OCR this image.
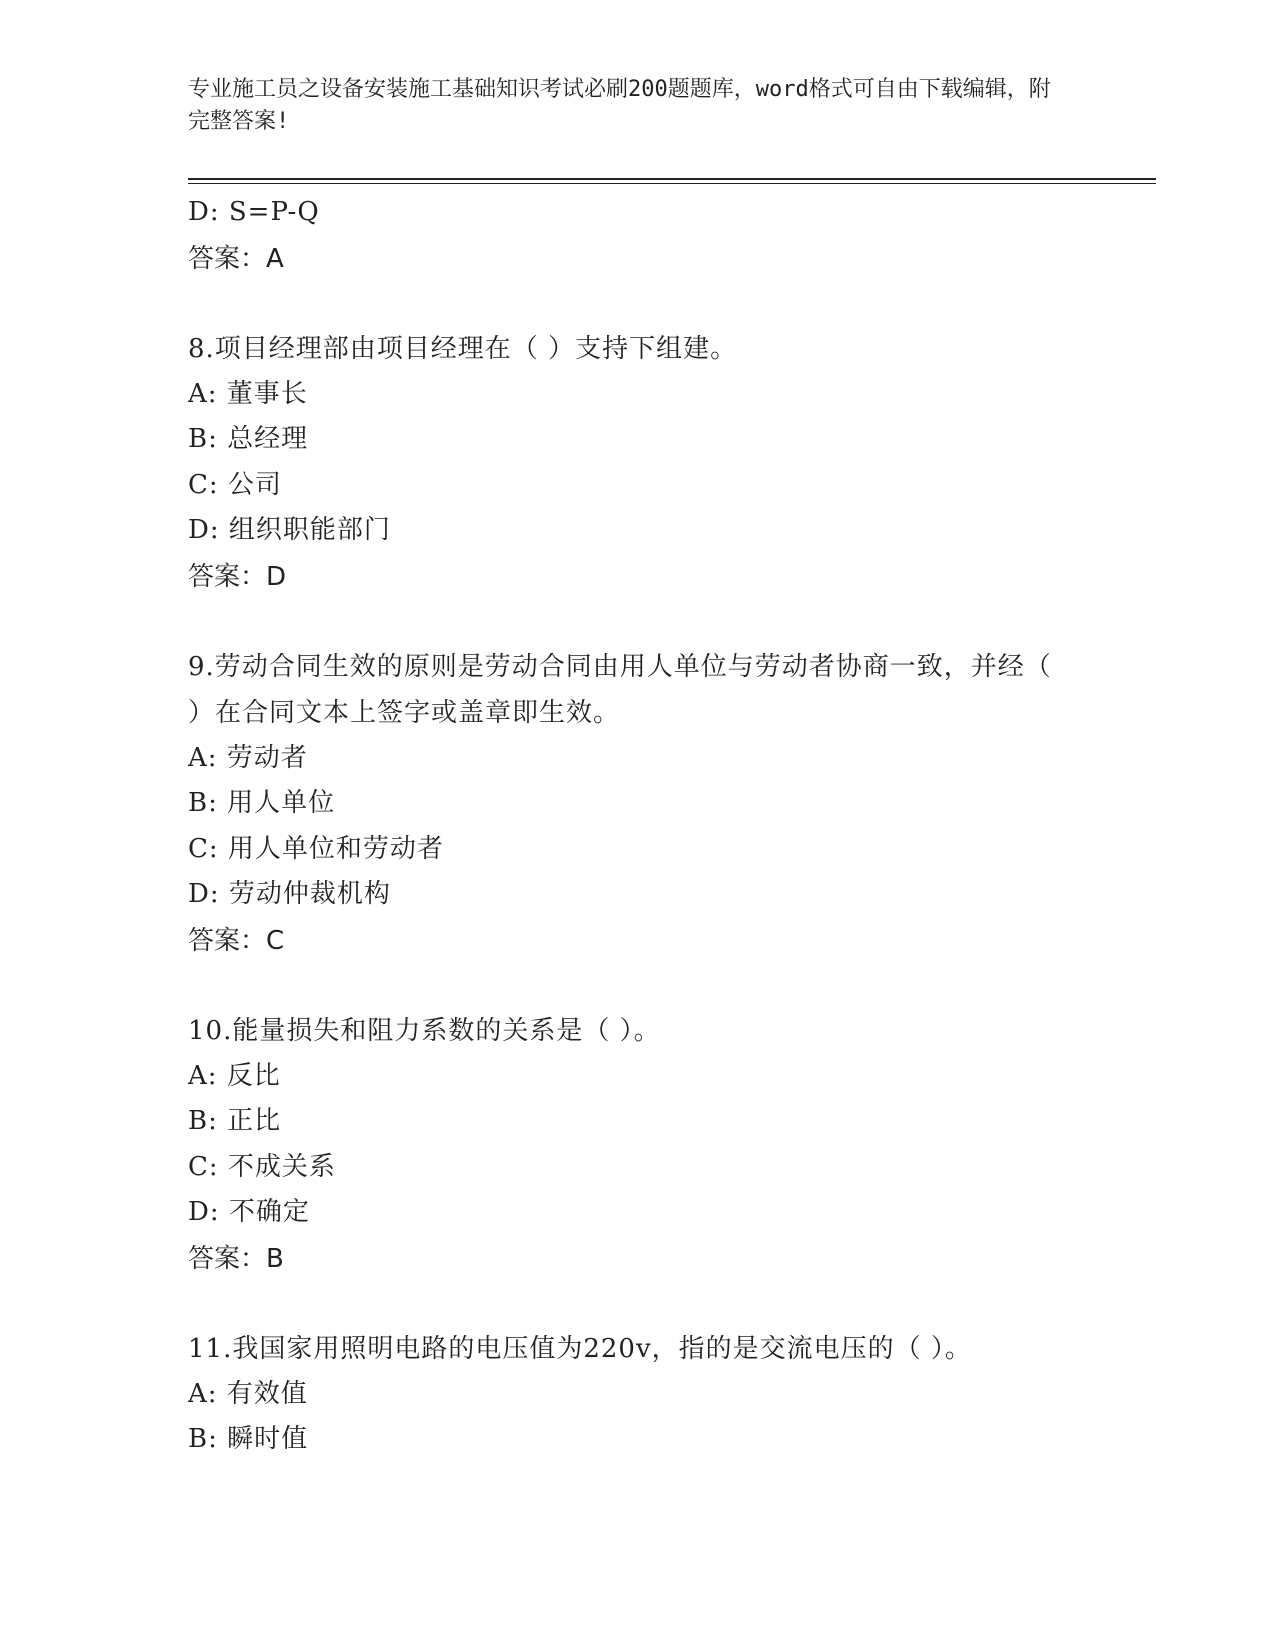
专业施工员之设备安装施工基础知识考试必刷200题题库，word格式可自由下载编辑，附完整答案!
D: S=P-Q
答案：A
8.项目经理部由项目经理在（ ）支持下组建。
A: 董事长
B: 总经理
C: 公司
D: 组织职能部门
答案：D
9.劳动合同生效的原则是劳动合同由用人单位与劳动者协商一致，并经（ ）在合同文本上签字或盖章即生效。
A: 劳动者
B: 用人单位
C: 用人单位和劳动者
D: 劳动仲裁机构
答案：C
10.能量损失和阻力系数的关系是（ ）。
A: 反比
B: 正比
C: 不成关系
D: 不确定
答案：B
11.我国家用照明电路的电压值为220v，指的是交流电压的（ ）。
A: 有效值
B: 瞬时值
